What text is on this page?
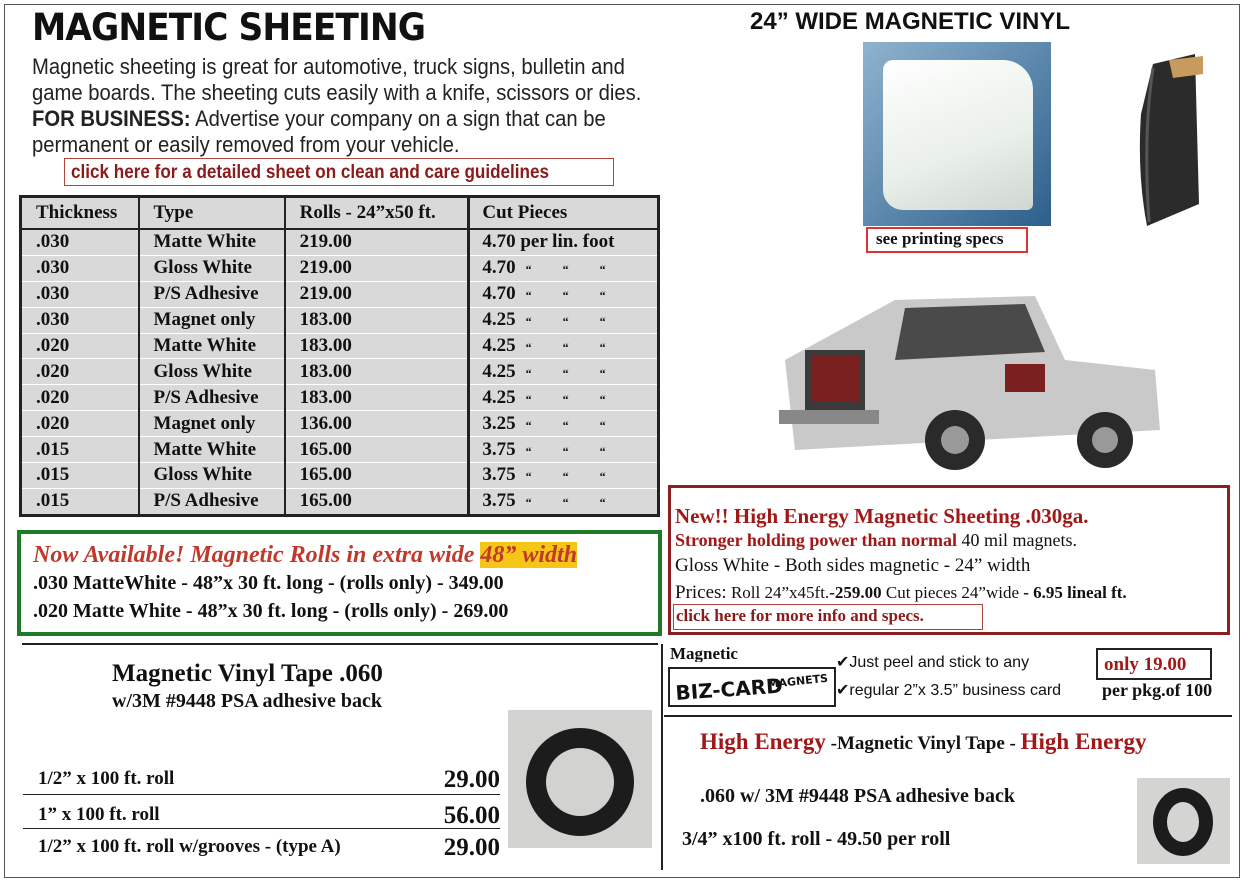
MAGNETIC SHEETING
Magnetic sheeting is great for automotive, truck signs, bulletin and game boards. The sheeting cuts easily with a knife, scissors or dies.
FOR BUSINESS: Advertise your company on a sign that can be permanent or easily removed from your vehicle.
click here for a detailed sheet on clean and care guidelines
Thickness	Type	Rolls - 24”x50 ft.	Cut Pieces
.030	Matte White	219.00	4.70 per lin. foot
.030	Gloss White	219.00	4.70 “ “ “
.030	P/S Adhesive	219.00	4.70 “ “ “
.030	Magnet only	183.00	4.25 “ “ “
.020	Matte White	183.00	4.25 “ “ “
.020	Gloss White	183.00	4.25 “ “ “
.020	P/S Adhesive	183.00	4.25 “ “ “
.020	Magnet only	136.00	3.25 “ “ “
.015	Matte White	165.00	3.75 “ “ “
.015	Gloss White	165.00	3.75 “ “ “
.015	P/S Adhesive	165.00	3.75 “ “ “
Now Available! Magnetic Rolls in extra wide 48” width
.030 MatteWhite - 48”x 30 ft. long - (rolls only) - 349.00
.020 Matte White - 48”x 30 ft. long - (rolls only) - 269.00
24” WIDE MAGNETIC VINYL
see printing specs
New!! High Energy Magnetic Sheeting .030ga.
Stronger holding power than normal 40 mil magnets.
Gloss White - Both sides magnetic - 24” width
Prices: Roll 24”x45ft.-259.00 Cut pieces 24”wide - 6.95 lineal ft.
click here for more info and specs.
Magnetic Vinyl Tape .060
w/3M #9448 PSA adhesive back
1/2” x 100 ft. roll	29.00
1” x 100 ft. roll	56.00
1/2” x 100 ft. roll w/grooves - (type A)	29.00
Magnetic
BIZ-CARD
MAGNETS
✔Just peel and stick to any
✔regular 2”x 3.5” business card
only 19.00
per pkg.of 100
High Energy -Magnetic Vinyl Tape - High Energy
.060 w/ 3M #9448 PSA adhesive back
3/4” x100 ft. roll - 49.50 per roll
